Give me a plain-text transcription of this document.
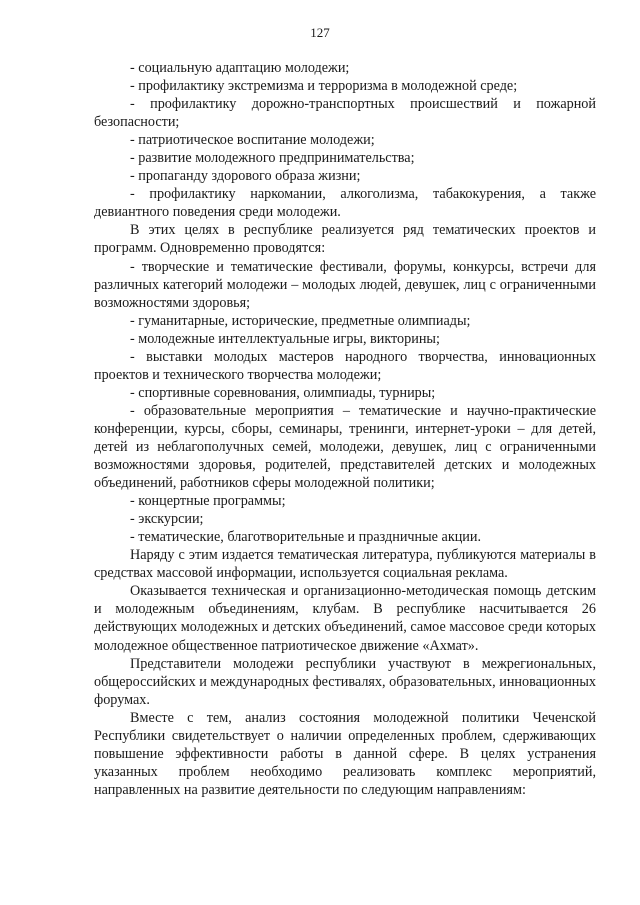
127

- социальную адаптацию молодежи;

- профилактику экстремизма и терроризма в молодежной среде;

- профилактику дорожно-транспортных происшествий и пожарной безопасности;

- патриотическое воспитание молодежи;

- развитие молодежного предпринимательства;

- пропаганду здорового образа жизни;

- профилактику наркомании, алкоголизма, табакокурения, а также девиантного поведения среди молодежи.

В этих целях в республике реализуется ряд тематических проектов и программ. Одновременно проводятся:

- творческие и тематические фестивали, форумы, конкурсы, встречи для различных категорий молодежи – молодых людей, девушек, лиц с ограниченными возможностями здоровья;

- гуманитарные, исторические, предметные олимпиады;

- молодежные интеллектуальные игры, викторины;

- выставки молодых мастеров народного творчества, инновационных проектов и технического творчества молодежи;

- спортивные соревнования, олимпиады, турниры;

- образовательные мероприятия – тематические и научно-практические конференции, курсы, сборы, семинары, тренинги, интернет-уроки – для детей, детей из неблагополучных семей, молодежи, девушек, лиц с ограниченными возможностями здоровья, родителей, представителей детских и молодежных объединений, работников сферы молодежной политики;

- концертные программы;

- экскурсии;

- тематические, благотворительные и праздничные акции.

Наряду с этим издается тематическая литература, публикуются материалы в средствах массовой информации, используется социальная реклама.

Оказывается техническая и организационно-методическая помощь детским и молодежным объединениям, клубам. В республике насчитывается 26 действующих молодежных и детских объединений, самое массовое среди которых молодежное общественное патриотическое движение «Ахмат».

Представители молодежи республики участвуют в межрегиональных, общероссийских и международных фестивалях, образовательных, инновационных форумах.

Вместе с тем, анализ состояния молодежной политики Чеченской Республики свидетельствует о наличии определенных проблем, сдерживающих повышение эффективности работы в данной сфере. В целях устранения указанных проблем необходимо реализовать комплекс мероприятий, направленных на развитие деятельности по следующим направлениям:
